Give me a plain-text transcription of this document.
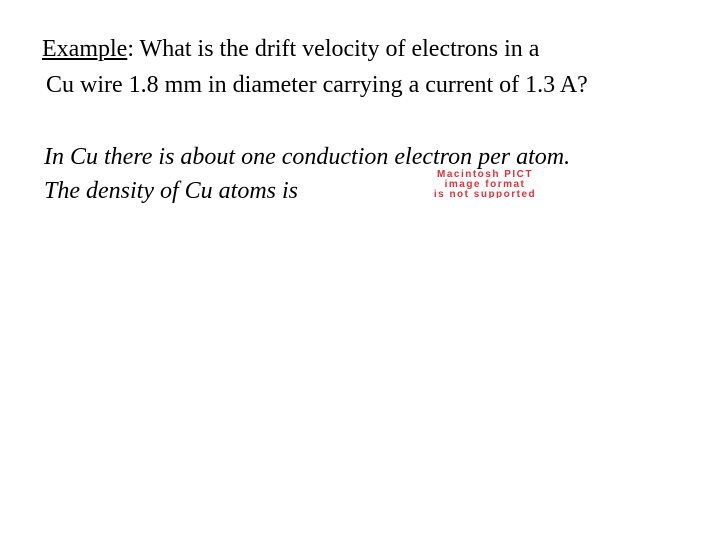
Example: What is the drift velocity of electrons in a
Cu wire 1.8 mm in diameter carrying a current of 1.3 A?
In Cu there is about one conduction electron per atom.
The density of Cu atoms is
Macintosh PICT
image format
is not supported
